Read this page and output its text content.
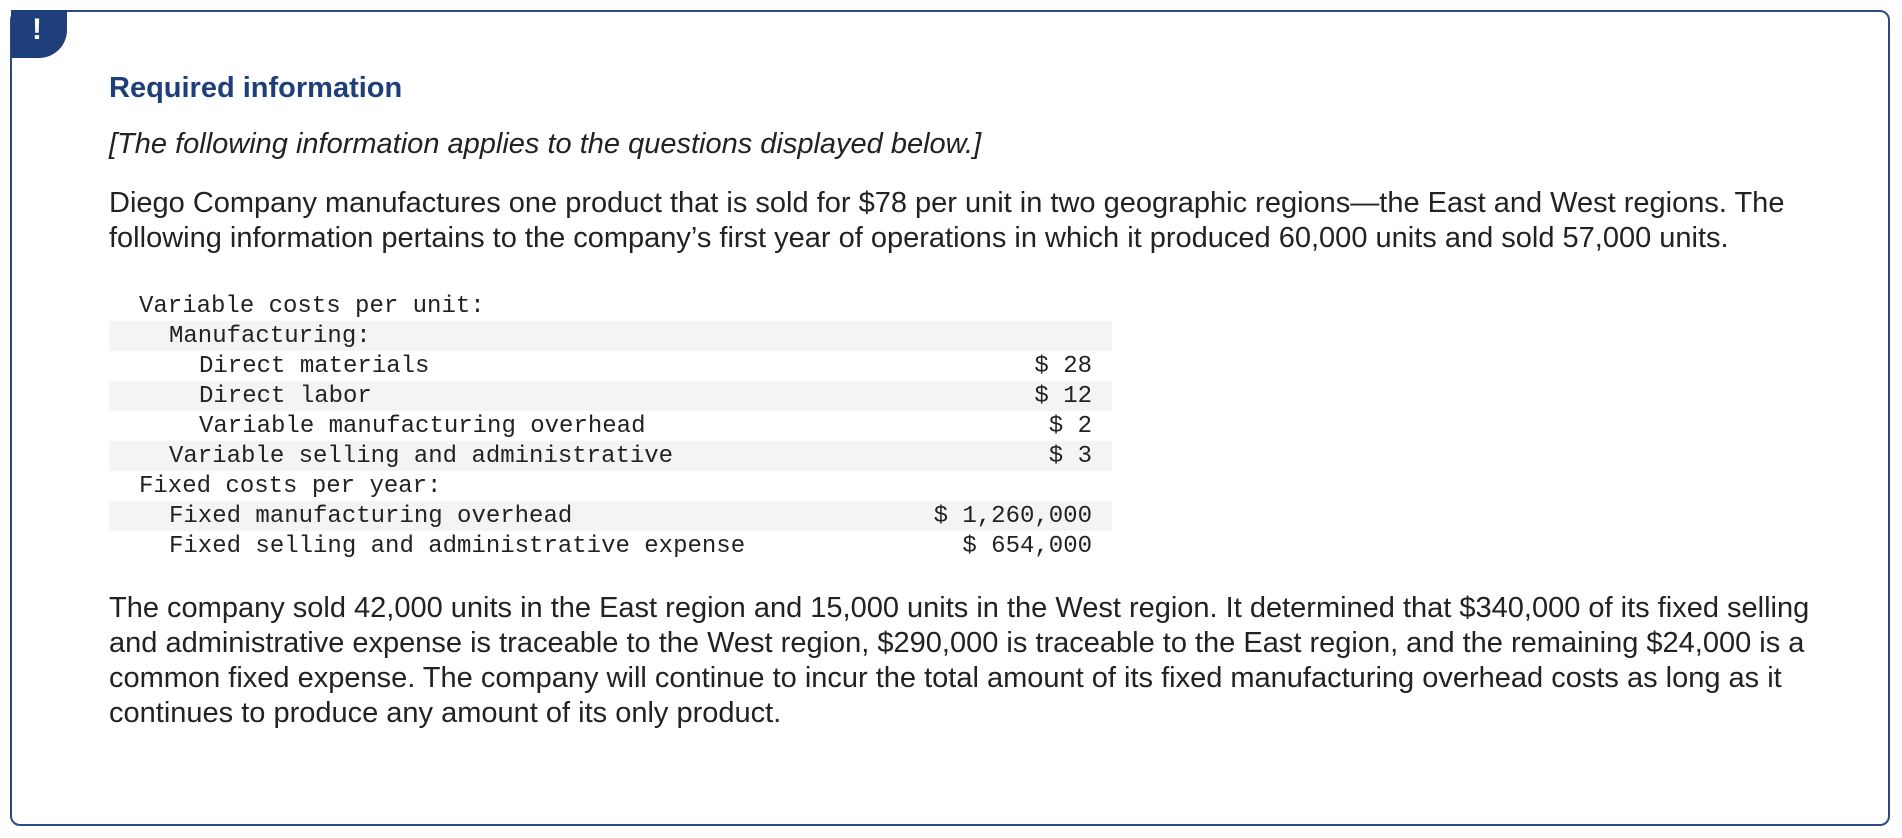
!
Required information

[The following information applies to the questions displayed below.]

Diego Company manufactures one product that is sold for $78 per unit in two geographic regions—the East and West regions. The following information pertains to the company’s first year of operations in which it produced 60,000 units and sold 57,000 units.

Variable costs per unit:	
Manufacturing:	
Direct materials	$ 28
Direct labor	$ 12
Variable manufacturing overhead	$ 2
Variable selling and administrative	$ 3
Fixed costs per year:	
Fixed manufacturing overhead	$ 1,260,000
Fixed selling and administrative expense	$ 654,000

The company sold 42,000 units in the East region and 15,000 units in the West region. It determined that $340,000 of its fixed selling and administrative expense is traceable to the West region, $290,000 is traceable to the East region, and the remaining $24,000 is a common fixed expense. The company will continue to incur the total amount of its fixed manufacturing overhead costs as long as it continues to produce any amount of its only product.
